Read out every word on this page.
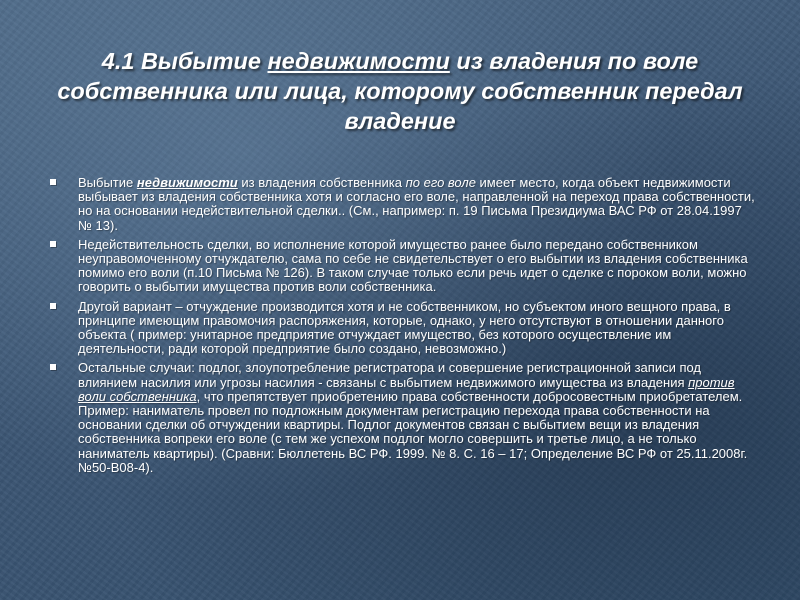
4.1 Выбытие недвижимости из владения по воле собственника или лица, которому собственник передал владение
Выбытие недвижимости из владения собственника по его воле имеет место, когда объект недвижимости выбывает из владения собственника хотя и согласно его воле, направленной на переход права собственности, но на основании недействительной сделки.. (См., например: п. 19 Письма Президиума ВАС РФ от 28.04.1997 № 13).
Недействительность сделки, во исполнение которой имущество ранее было передано собственником неуправомоченному отчуждателю, сама по себе не свидетельствует о его выбытии из владения собственника помимо его воли (п.10 Письма № 126). В таком случае только если речь идет о сделке с пороком воли, можно говорить о выбытии имущества против воли собственника.
Другой вариант – отчуждение производится хотя и не собственником, но субъектом иного вещного права, в принципе имеющим правомочия распоряжения, которые, однако, у него отсутствуют в отношении данного объекта ( пример: унитарное предприятие отчуждает имущество, без которого осуществление им деятельности, ради которой предприятие было создано, невозможно.)
Остальные случаи: подлог, злоупотребление регистратора и совершение регистрационной записи под влиянием насилия или угрозы насилия - связаны с выбытием недвижимого имущества из владения против воли собственника, что препятствует приобретению права собственности добросовестным приобретателем. Пример: наниматель провел по подложным документам регистрацию перехода права собственности на основании сделки об отчуждении квартиры. Подлог документов связан с выбытием вещи из владения собственника вопреки его воле (с тем же успехом подлог могло совершить и третье лицо, а не только наниматель квартиры). (Сравни: Бюллетень ВС РФ. 1999. № 8. С. 16 – 17; Определение ВС РФ от 25.11.2008г. №50-В08-4).
